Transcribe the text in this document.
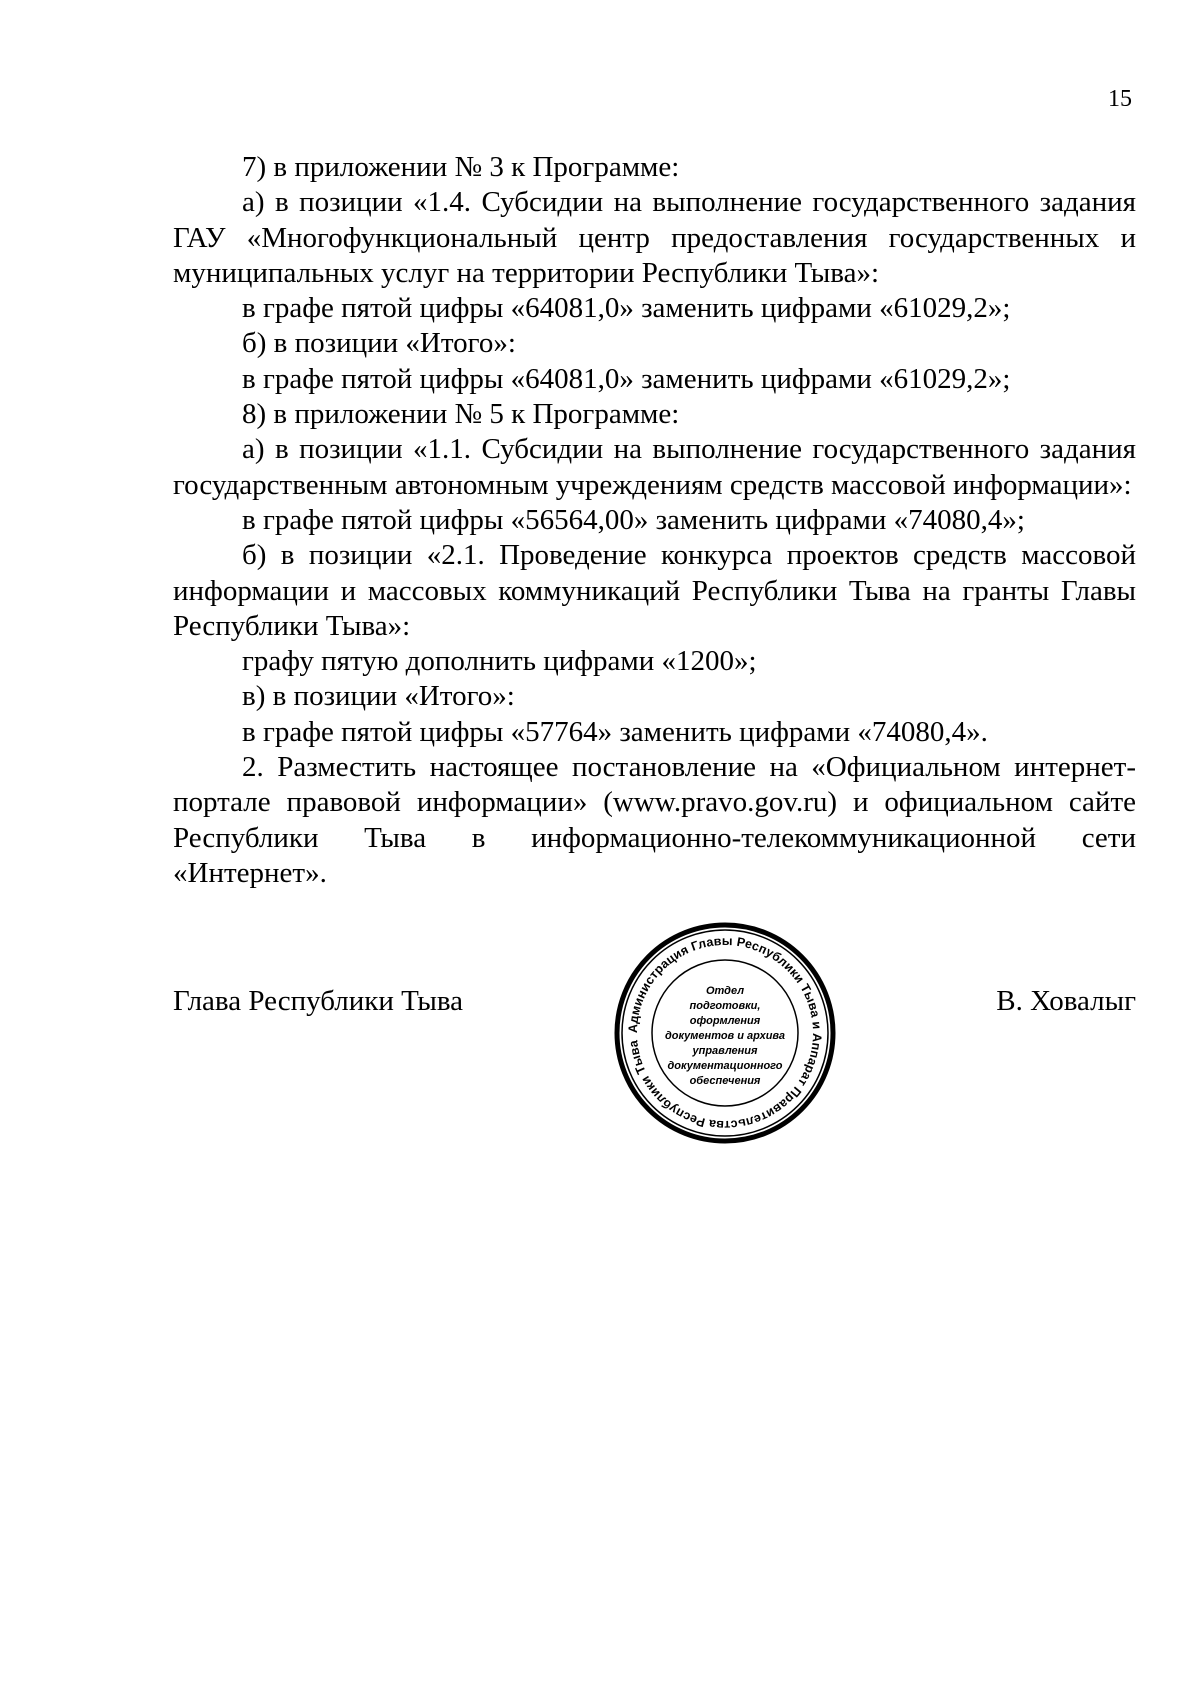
15

7) в приложении № 3 к Программе:

а) в позиции «1.4. Субсидии на выполнение государственного задания ГАУ «Многофункциональный центр предоставления государственных и муниципальных услуг на территории Республики Тыва»:

в графе пятой цифры «64081,0» заменить цифрами «61029,2»;

б) в позиции «Итого»:

в графе пятой цифры «64081,0» заменить цифрами «61029,2»;

8) в приложении № 5 к Программе:

а) в позиции «1.1. Субсидии на выполнение государственного задания государственным автономным учреждениям средств массовой информации»:

в графе пятой цифры «56564,00» заменить цифрами «74080,4»;

б) в позиции «2.1. Проведение конкурса проектов средств массовой информации и массовых коммуникаций Республики Тыва на гранты Главы Республики Тыва»:

графу пятую дополнить цифрами «1200»;

в) в позиции «Итого»:

в графе пятой цифры «57764» заменить цифрами «74080,4».

2. Разместить настоящее постановление на «Официальном интернет-портале правовой информации» (www.pravo.gov.ru) и официальном сайте Республики Тыва в информационно-телекоммуникационной сети «Интернет».

Глава Республики Тыва	В. Ховалыг
Администрация Главы Республики Тыва и Аппарат Правительства Республики Тыва
Отдел
подготовки,
оформления
документов и архива
управления
документационного
обеспечения
